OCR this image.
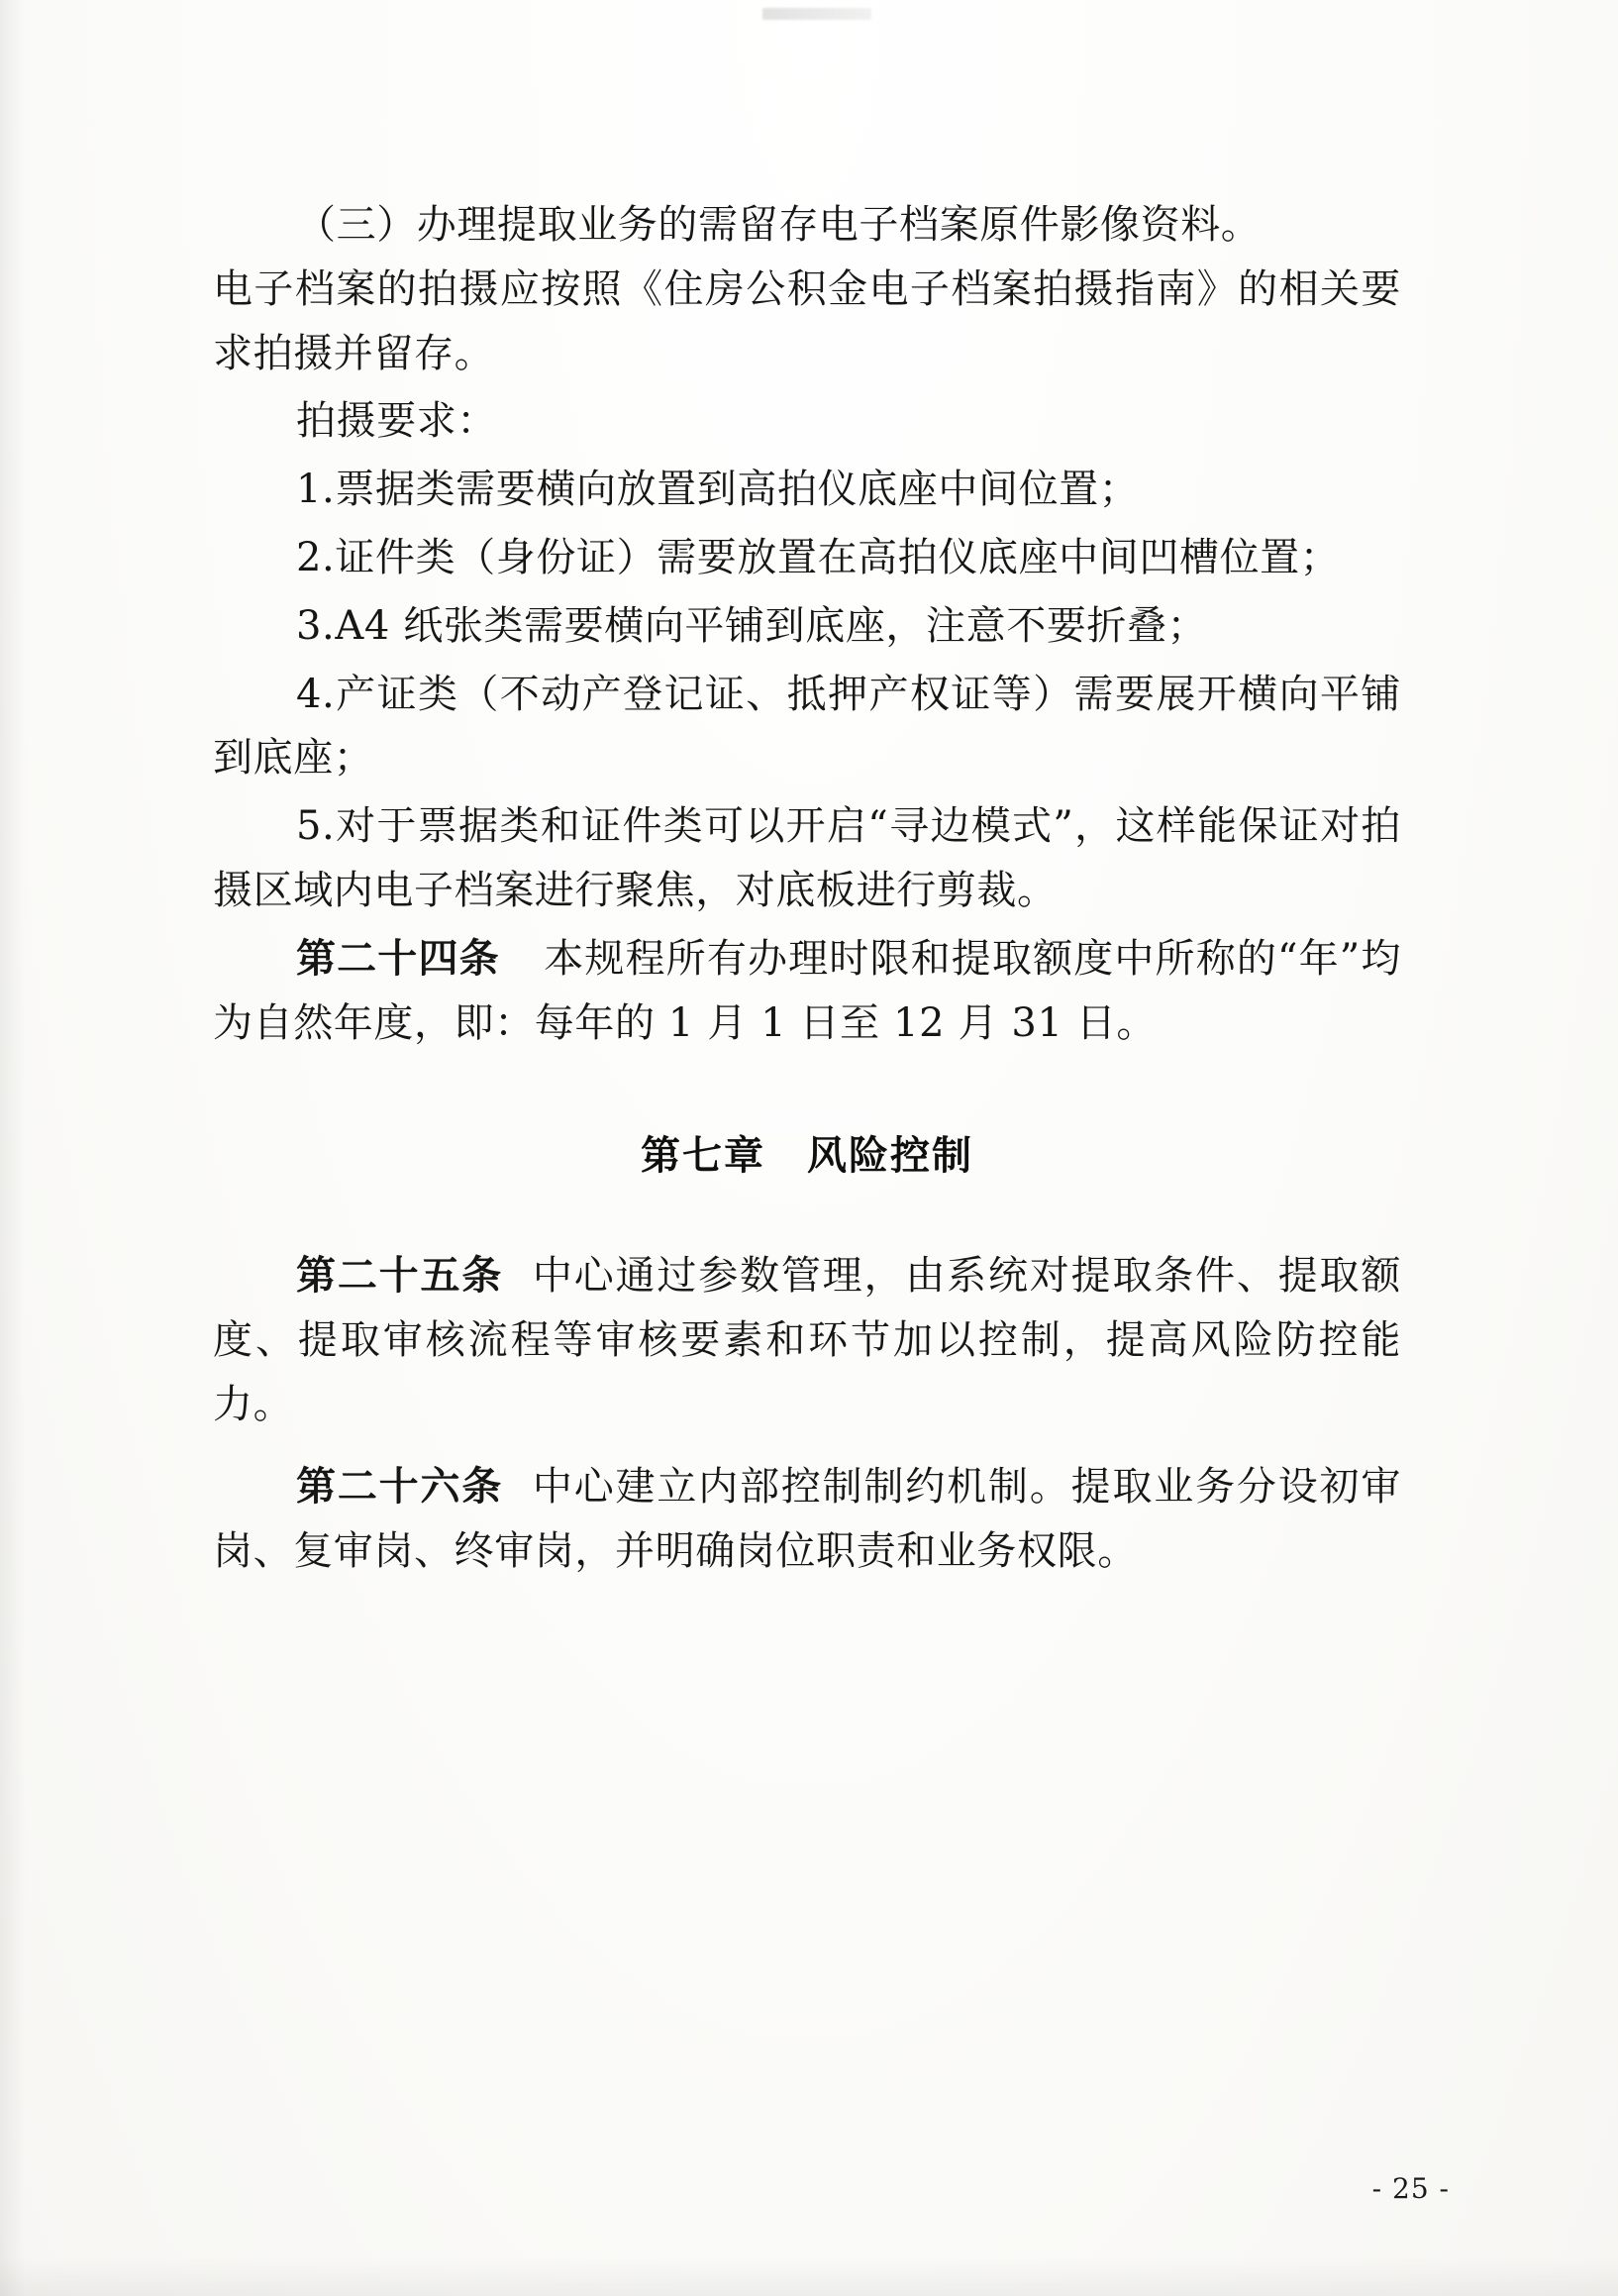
（三）办理提取业务的需留存电子档案原件影像资料。

电子档案的拍摄应按照《住房公积金电子档案拍摄指南》的相关要求拍摄并留存。

拍摄要求：

1.票据类需要横向放置到高拍仪底座中间位置；

2.证件类（身份证）需要放置在高拍仪底座中间凹槽位置；

3.A4 纸张类需要横向平铺到底座，注意不要折叠；

4.产证类（不动产登记证、抵押产权证等）需要展开横向平铺到底座；

5.对于票据类和证件类可以开启“寻边模式”，这样能保证对拍摄区域内电子档案进行聚焦，对底板进行剪裁。

第二十四条 本规程所有办理时限和提取额度中所称的“年”均为自然年度，即：每年的 1 月 1 日至 12 月 31 日。

第七章 风险控制

第二十五条 中心通过参数管理，由系统对提取条件、提取额度、提取审核流程等审核要素和环节加以控制，提高风险防控能力。

第二十六条 中心建立内部控制制约机制。提取业务分设初审岗、复审岗、终审岗，并明确岗位职责和业务权限。

- 25 -
